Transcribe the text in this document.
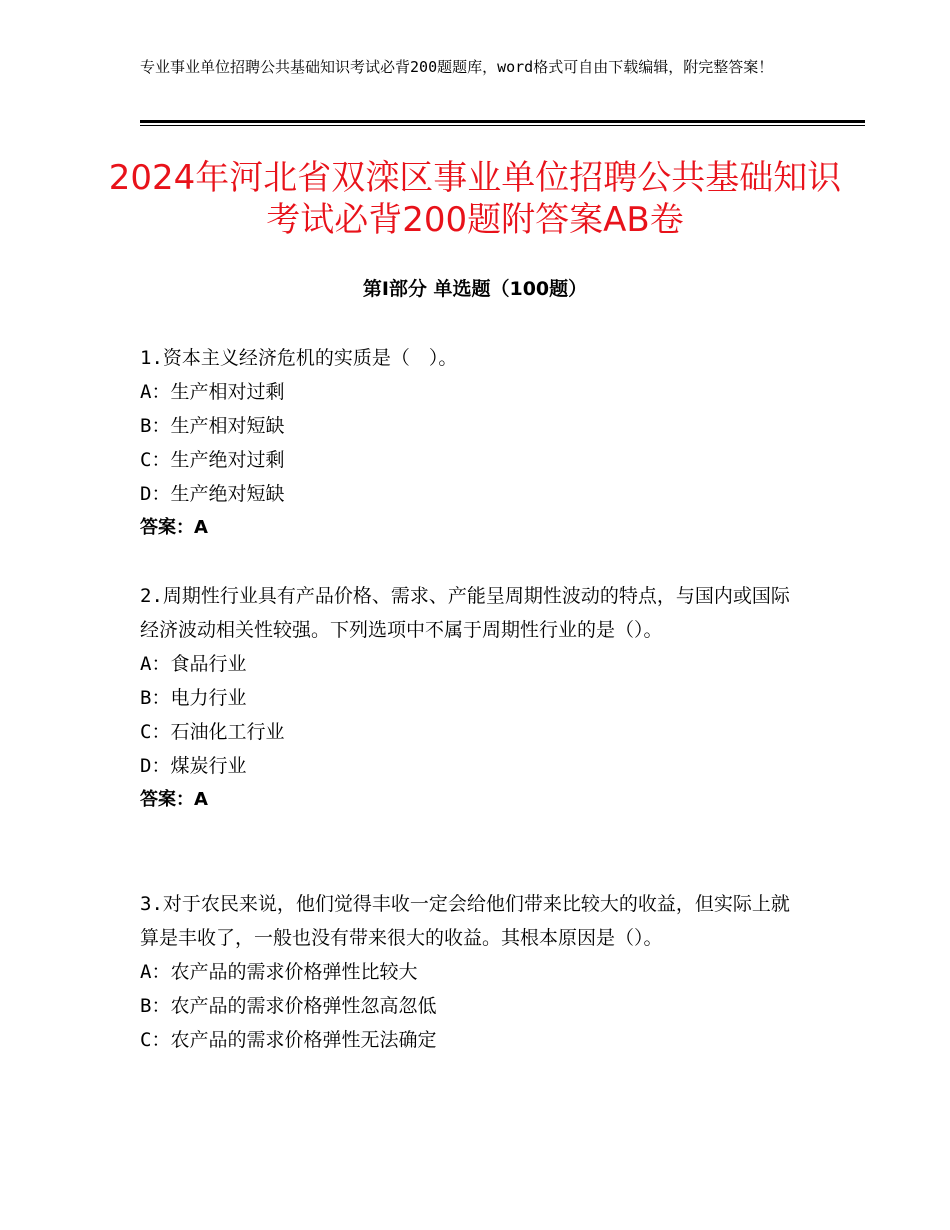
专业事业单位招聘公共基础知识考试必背200题题库，word格式可自由下载编辑，附完整答案！
2024年河北省双滦区事业单位招聘公共基础知识考试必背200题附答案AB卷
第Ⅰ部分 单选题（100题）

1.资本主义经济危机的实质是（　）。

A：生产相对过剩

B：生产相对短缺

C：生产绝对过剩

D：生产绝对短缺

答案：A

2.周期性行业具有产品价格、需求、产能呈周期性波动的特点，与国内或国际经济波动相关性较强。下列选项中不属于周期性行业的是（）。

A：食品行业

B：电力行业

C：石油化工行业

D：煤炭行业

答案：A

3.对于农民来说，他们觉得丰收一定会给他们带来比较大的收益，但实际上就算是丰收了，一般也没有带来很大的收益。其根本原因是（）。

A：农产品的需求价格弹性比较大

B：农产品的需求价格弹性忽高忽低

C：农产品的需求价格弹性无法确定
